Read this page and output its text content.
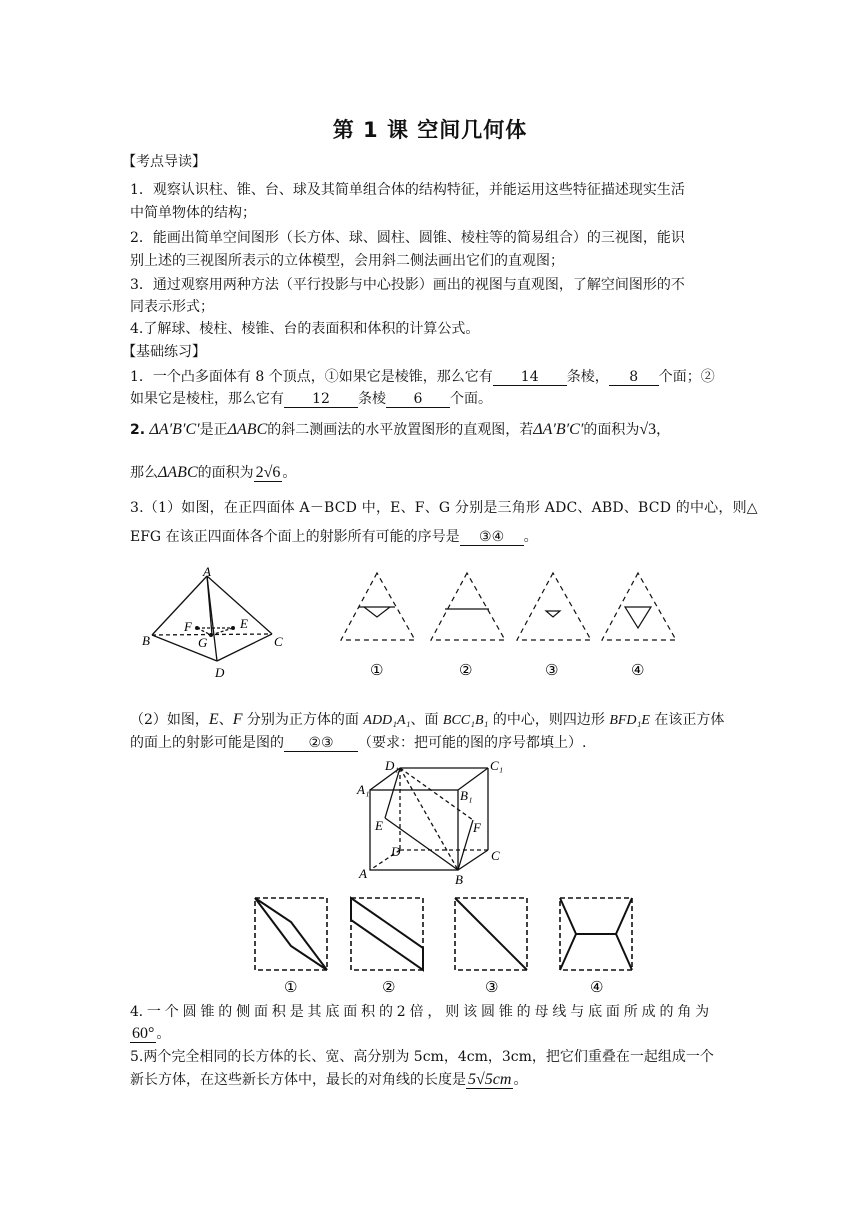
第 1 课 空间几何体
【考点导读】
1．观察认识柱、锥、台、球及其简单组合体的结构特征，并能运用这些特征描述现实生活
中简单物体的结构；
2．能画出简单空间图形（长方体、球、圆柱、圆锥、棱柱等的简易组合）的三视图，能识
别上述的三视图所表示的立体模型，会用斜二侧法画出它们的直观图；
3．通过观察用两种方法（平行投影与中心投影）画出的视图与直观图，了解空间图形的不
同表示形式；
4.了解球、棱柱、棱锥、台的表面积和体积的计算公式。
【基础练习】
1．一个凸多面体有 8 个顶点，①如果它是棱锥，那么它有 14 条棱， 8 个面；②
如果它是棱柱，那么它有 12 条棱 6 个面。
2. ΔA′B′C′是正ΔABC的斜二测画法的水平放置图形的直观图，若ΔA′B′C′的面积为√3，
那么ΔABC的面积为 2√6 。
3.（1）如图，在正四面体 A－BCD 中，E、F、G 分别是三角形 ADC、ABD、BCD 的中心，则△
EFG 在该正四面体各个面上的射影所有可能的序号是 ③④ 。
A
B	C
D
E
F
G
①	②	③	④
（2）如图，E、F 分别为正方体的面 ADD₁A₁、面 BCC₁B₁ 的中心，则四边形 BFD₁E 在该正方体
的面上的射影可能是图的 ②③ （要求：把可能的图的序号都填上）.
D₁	C₁
A₁	B₁
E	F
D	C
A	B
①	②	③	④
4. 一 个 圆 锥 的 侧 面 积 是 其 底 面 积 的 2 倍 ， 则 该 圆 锥 的 母 线 与 底 面 所 成 的 角 为
60° 。
5.两个完全相同的长方体的长、宽、高分别为 5cm，4cm，3cm，把它们重叠在一起组成一个
新长方体，在这些新长方体中，最长的对角线的长度是 5√5cm 。
